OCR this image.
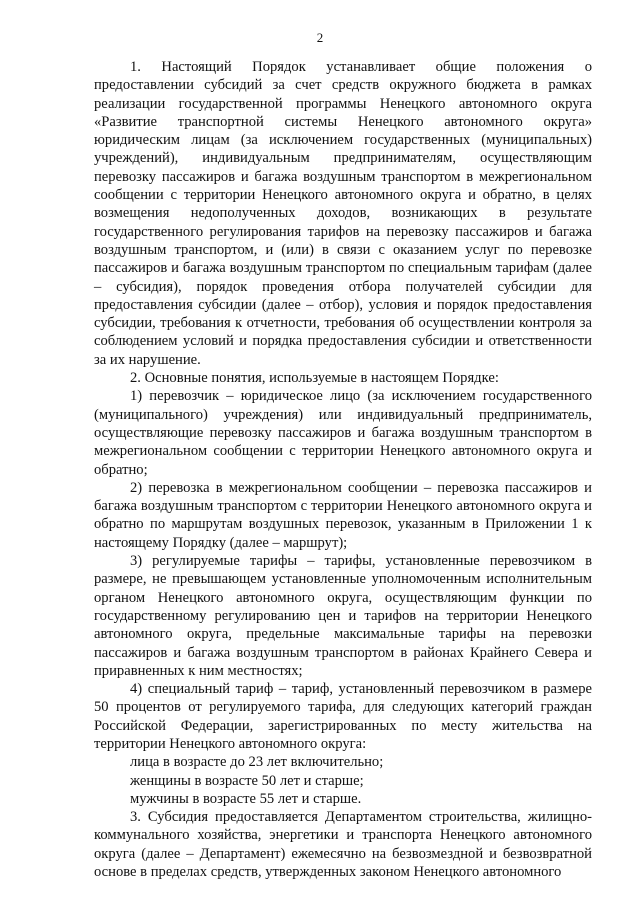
2

1. Настоящий Порядок устанавливает общие положения о предоставлении субсидий за счет средств окружного бюджета в рамках реализации государственной программы Ненецкого автономного округа «Развитие транспортной системы Ненецкого автономного округа» юридическим лицам (за исключением государственных (муниципальных) учреждений), индивидуальным предпринимателям, осуществляющим перевозку пассажиров и багажа воздушным транспортом в межрегиональном сообщении с территории Ненецкого автономного округа и обратно, в целях возмещения недополученных доходов, возникающих в результате государственного регулирования тарифов на перевозку пассажиров и багажа воздушным транспортом, и (или) в связи с оказанием услуг по перевозке пассажиров и багажа воздушным транспортом по специальным тарифам (далее – субсидия), порядок проведения отбора получателей субсидии для предоставления субсидии (далее – отбор), условия и порядок предоставления субсидии, требования к отчетности, требования об осуществлении контроля за соблюдением условий и порядка предоставления субсидии и ответственности за их нарушение.

2. Основные понятия, используемые в настоящем Порядке:

1) перевозчик – юридическое лицо (за исключением государственного (муниципального) учреждения) или индивидуальный предприниматель, осуществляющие перевозку пассажиров и багажа воздушным транспортом в межрегиональном сообщении с территории Ненецкого автономного округа и обратно;

2) перевозка в межрегиональном сообщении – перевозка пассажиров и багажа воздушным транспортом с территории Ненецкого автономного округа и обратно по маршрутам воздушных перевозок, указанным в Приложении 1 к настоящему Порядку (далее – маршрут);

3) регулируемые тарифы – тарифы, установленные перевозчиком в размере, не превышающем установленные уполномоченным исполнительным органом Ненецкого автономного округа, осуществляющим функции по государственному регулированию цен и тарифов на территории Ненецкого автономного округа, предельные максимальные тарифы на перевозки пассажиров и багажа воздушным транспортом в районах Крайнего Севера и приравненных к ним местностях;

4) специальный тариф – тариф, установленный перевозчиком в размере 50 процентов от регулируемого тарифа, для следующих категорий граждан Российской Федерации, зарегистрированных по месту жительства на территории Ненецкого автономного округа:

лица в возрасте до 23 лет включительно;

женщины в возрасте 50 лет и старше;

мужчины в возрасте 55 лет и старше.

3. Субсидия предоставляется Департаментом строительства, жилищно-коммунального хозяйства, энергетики и транспорта Ненецкого автономного округа (далее – Департамент) ежемесячно на безвозмездной и безвозвратной основе в пределах средств, утвержденных законом Ненецкого автономного
